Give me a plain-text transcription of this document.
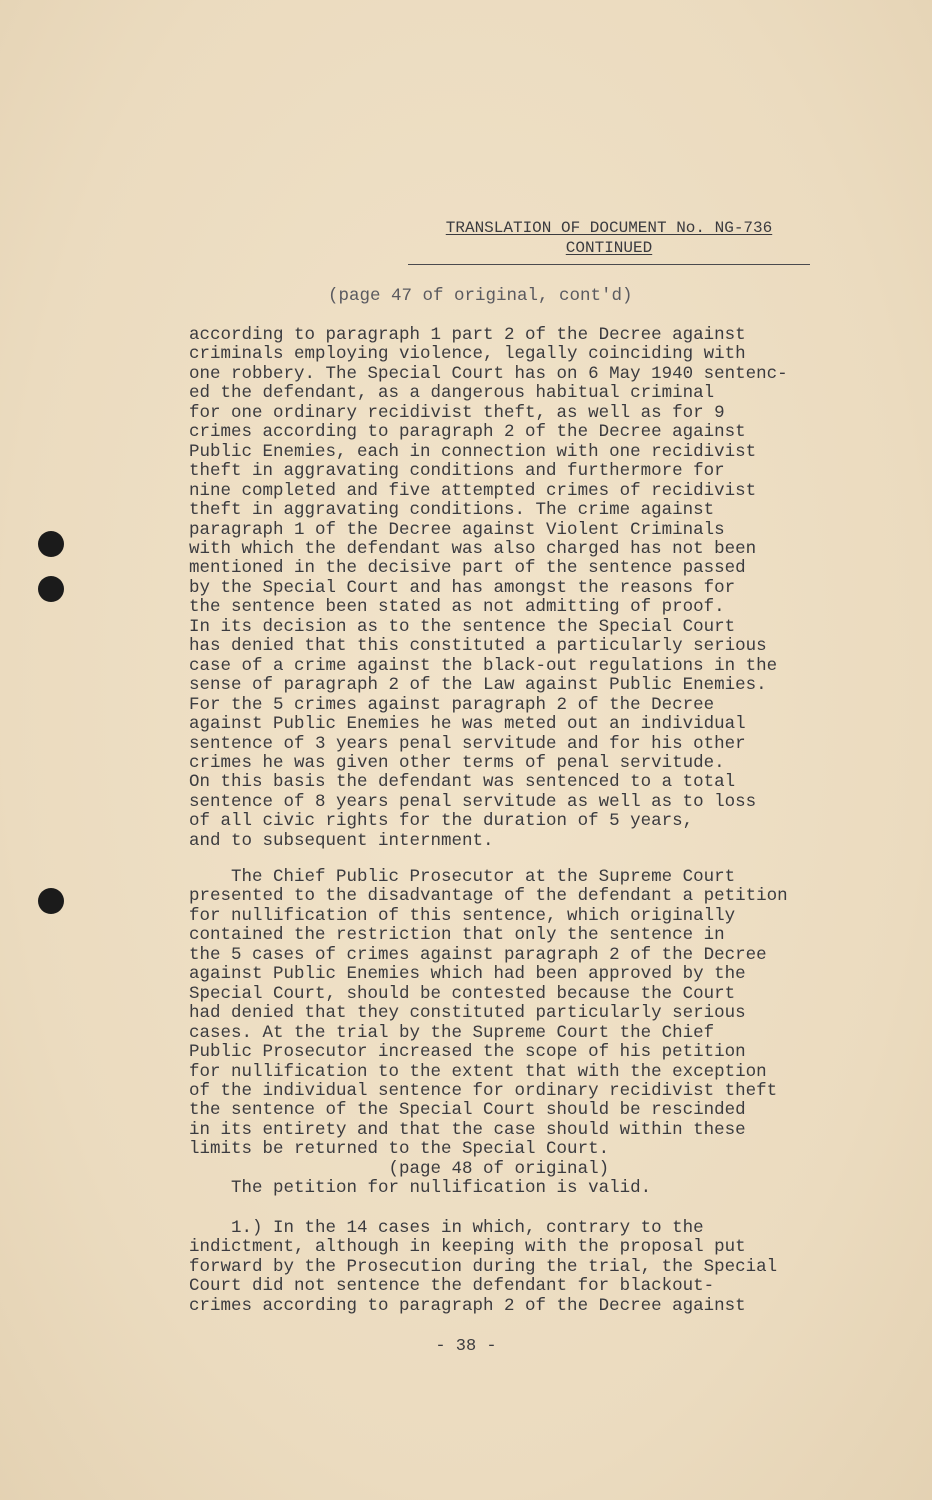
TRANSLATION OF DOCUMENT No. NG-736
CONTINUED
(page 47 of original, cont'd)
according to paragraph 1 part 2 of the Decree against
criminals employing violence, legally coinciding with
one robbery. The Special Court has on 6 May 1940 sentenc-
ed the defendant, as a dangerous habitual criminal
for one ordinary recidivist theft, as well as for 9
crimes according to paragraph 2 of the Decree against
Public Enemies, each in connection with one recidivist
theft in aggravating conditions and furthermore for
nine completed and five attempted crimes of recidivist
theft in aggravating conditions. The crime against
paragraph 1 of the Decree against Violent Criminals
with which the defendant was also charged has not been
mentioned in the decisive part of the sentence passed
by the Special Court and has amongst the reasons for
the sentence been stated as not admitting of proof.
In its decision as to the sentence the Special Court
has denied that this constituted a particularly serious
case of a crime against the black-out regulations in the
sense of paragraph 2 of the Law against Public Enemies.
For the 5 crimes against paragraph 2 of the Decree
against Public Enemies he was meted out an individual
sentence of 3 years penal servitude and for his other
crimes he was given other terms of penal servitude.
On this basis the defendant was sentenced to a total
sentence of 8 years penal servitude as well as to loss
of all civic rights for the duration of 5 years,
and to subsequent internment.
The Chief Public Prosecutor at the Supreme Court
presented to the disadvantage of the defendant a petition
for nullification of this sentence, which originally
contained the restriction that only the sentence in
the 5 cases of crimes against paragraph 2 of the Decree
against Public Enemies which had been approved by the
Special Court, should be contested because the Court
had denied that they constituted particularly serious
cases. At the trial by the Supreme Court the Chief
Public Prosecutor increased the scope of his petition
for nullification to the extent that with the exception
of the individual sentence for ordinary recidivist theft
the sentence of the Special Court should be rescinded
in its entirety and that the case should within these
limits be returned to the Special Court.
(page 48 of original)
The petition for nullification is valid.
1.) In the 14 cases in which, contrary to the
indictment, although in keeping with the proposal put
forward by the Prosecution during the trial, the Special
Court did not sentence the defendant for blackout-
crimes according to paragraph 2 of the Decree against
- 38 -
